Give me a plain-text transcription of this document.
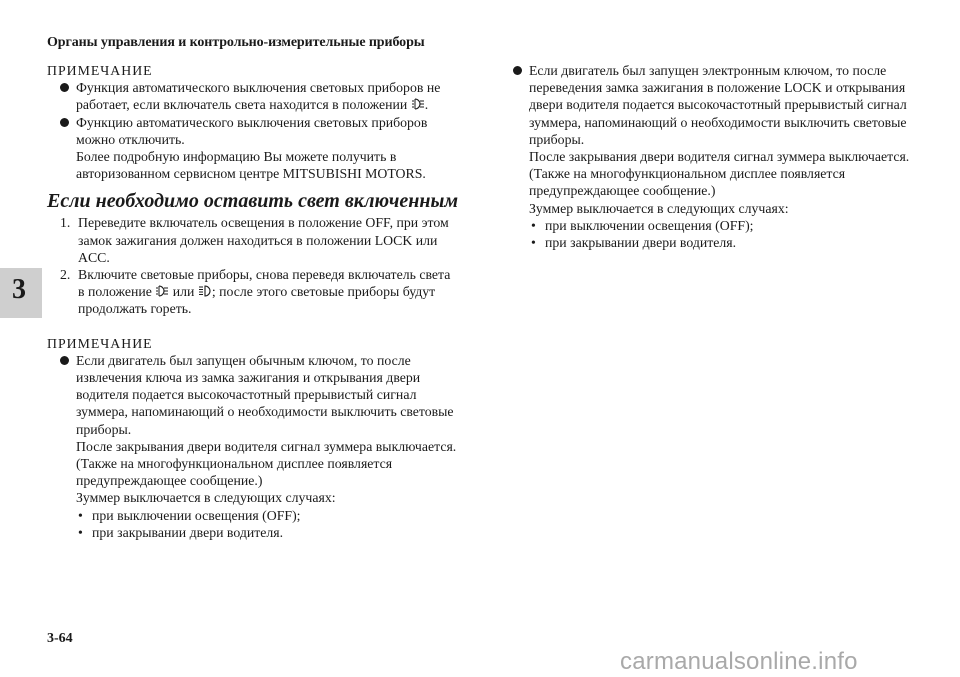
Органы управления и контрольно-измерительные приборы
3

ПРИМЕЧАНИЕ

Функция автоматического выключения световых приборов не
работает, если включатель света находится в положении .
Функцию автоматического выключения световых приборов
можно отключить.
Более подробную информацию Вы можете получить в
авторизованном сервисном центре MITSUBISHI MOTORS.
Если необходимо оставить свет включенным
1. Переведите включатель освещения в положение OFF, при этом
замок зажигания должен находиться в положении LOCK или
ACC.
2. Включите световые приборы, снова переведя включатель света
в положение или ; после этого световые приборы будут
продолжать гореть.

ПРИМЕЧАНИЕ

Если двигатель был запущен обычным ключом, то после
извлечения ключа из замка зажигания и открывания двери
водителя подается высокочастотный прерывистый сигнал
зуммера, напоминающий о необходимости выключить световые
приборы.
После закрывания двери водителя сигнал зуммера выключается.
(Также на многофункциональном дисплее появляется
предупреждающее сообщение.)
Зуммер выключается в следующих случаях:
• при выключении освещения (OFF);
• при закрывании двери водителя.
Если двигатель был запущен электронным ключом, то после
переведения замка зажигания в положение LOCK и открывания
двери водителя подается высокочастотный прерывистый сигнал
зуммера, напоминающий о необходимости выключить световые
приборы.
После закрывания двери водителя сигнал зуммера выключается.
(Также на многофункциональном дисплее появляется
предупреждающее сообщение.)
Зуммер выключается в следующих случаях:
• при выключении освещения (OFF);
• при закрывании двери водителя.
3-64
carmanualsonline.info
